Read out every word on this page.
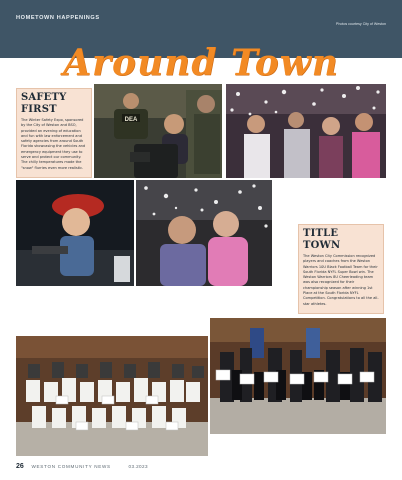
HOMETOWN HAPPENINGS
Photos courtesy City of Weston
Around Town
SAFETY FIRST

The Winter Safety Expo, sponsored by the City of Weston and BSO, provided an evening of education and fun with law enforcement and safety agencies from around South Florida showcasing the vehicles and emergency equipment they use to serve and protect our community. The chilly temperatures made the "snow" flurries even more realistic.

DEA
TITLE TOWN

The Weston City Commission recognized players and coaches from the Weston Warriors 10U Black Football Team for their South Florida NYFL Super Bowl win. The Weston Warriors 8U Cheerleading team was also recognized for their championship season after winning 1st Place at the South Florida NYFL Competition. Congratulations to all the all-star athletes.

26 WESTON COMMUNITY NEWS	03.2023
